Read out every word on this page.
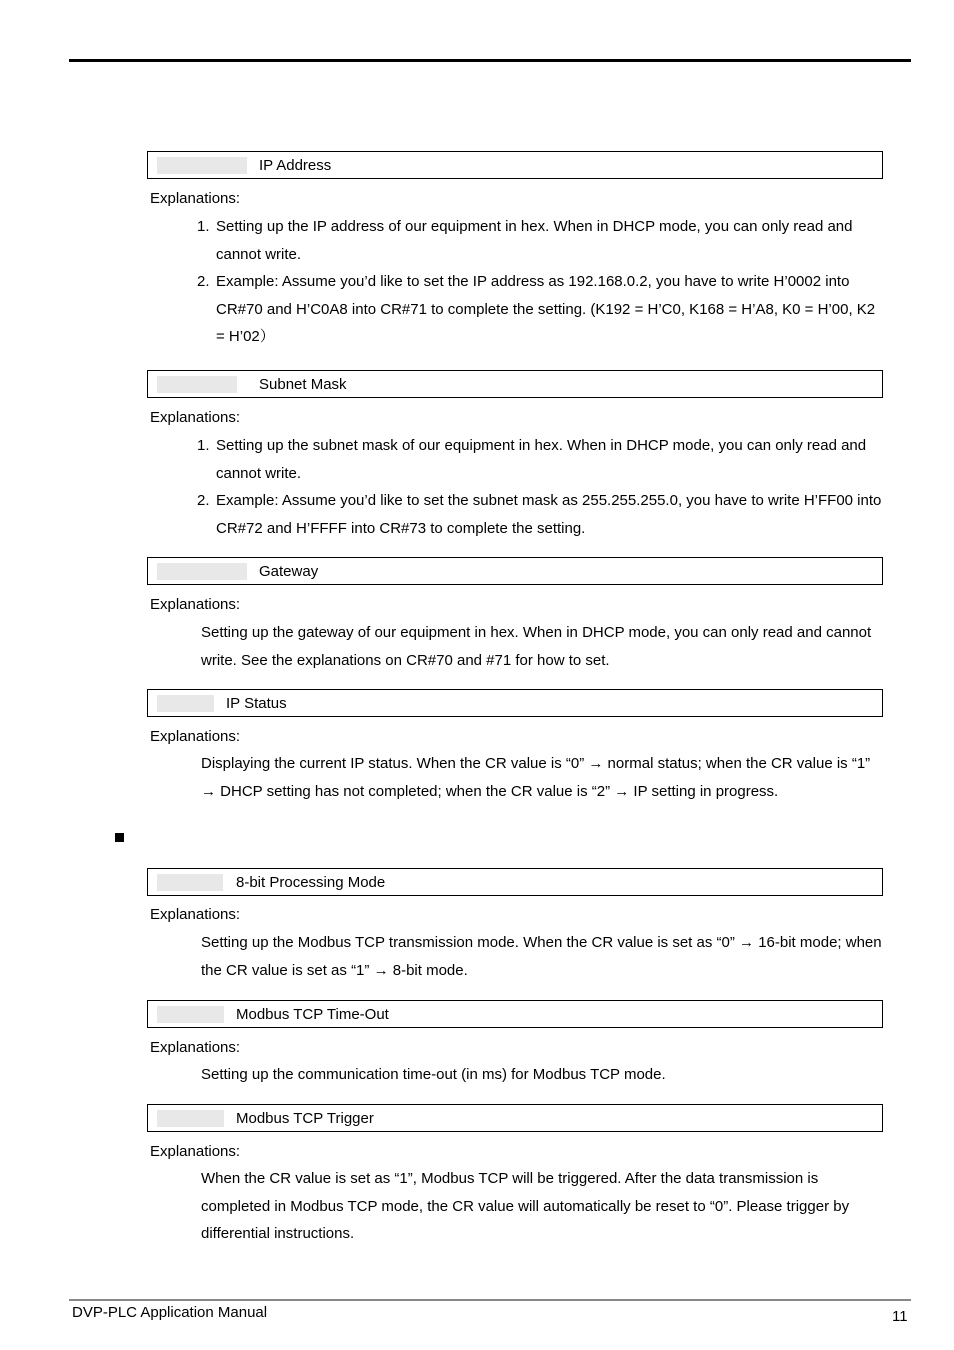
IP Address
Explanations:
1. Setting up the IP address of our equipment in hex. When in DHCP mode, you can only read and cannot write.
2. Example: Assume you’d like to set the IP address as 192.168.0.2, you have to write H’0002 into CR#70 and H’C0A8 into CR#71 to complete the setting. (K192 = H’C0, K168 = H’A8, K0 = H’00, K2 = H’02）
Subnet Mask
Explanations:
1. Setting up the subnet mask of our equipment in hex. When in DHCP mode, you can only read and cannot write.
2. Example: Assume you’d like to set the subnet mask as 255.255.255.0, you have to write H’FF00 into CR#72 and H’FFFF into CR#73 to complete the setting.
Gateway
Explanations:
Setting up the gateway of our equipment in hex. When in DHCP mode, you can only read and cannot write. See the explanations on CR#70 and #71 for how to set.
IP Status
Explanations:
Displaying the current IP status. When the CR value is “0” → normal status; when the CR value is “1” → DHCP setting has not completed; when the CR value is “2” → IP setting in progress.
8-bit Processing Mode
Explanations:
Setting up the Modbus TCP transmission mode. When the CR value is set as “0” → 16-bit mode; when the CR value is set as “1” → 8-bit mode.
Modbus TCP Time-Out
Explanations:
Setting up the communication time-out (in ms) for Modbus TCP mode.
Modbus TCP Trigger
Explanations:
When the CR value is set as “1”, Modbus TCP will be triggered. After the data transmission is completed in Modbus TCP mode, the CR value will automatically be reset to “0”. Please trigger by differential instructions.
DVP-PLC Application Manual	11
